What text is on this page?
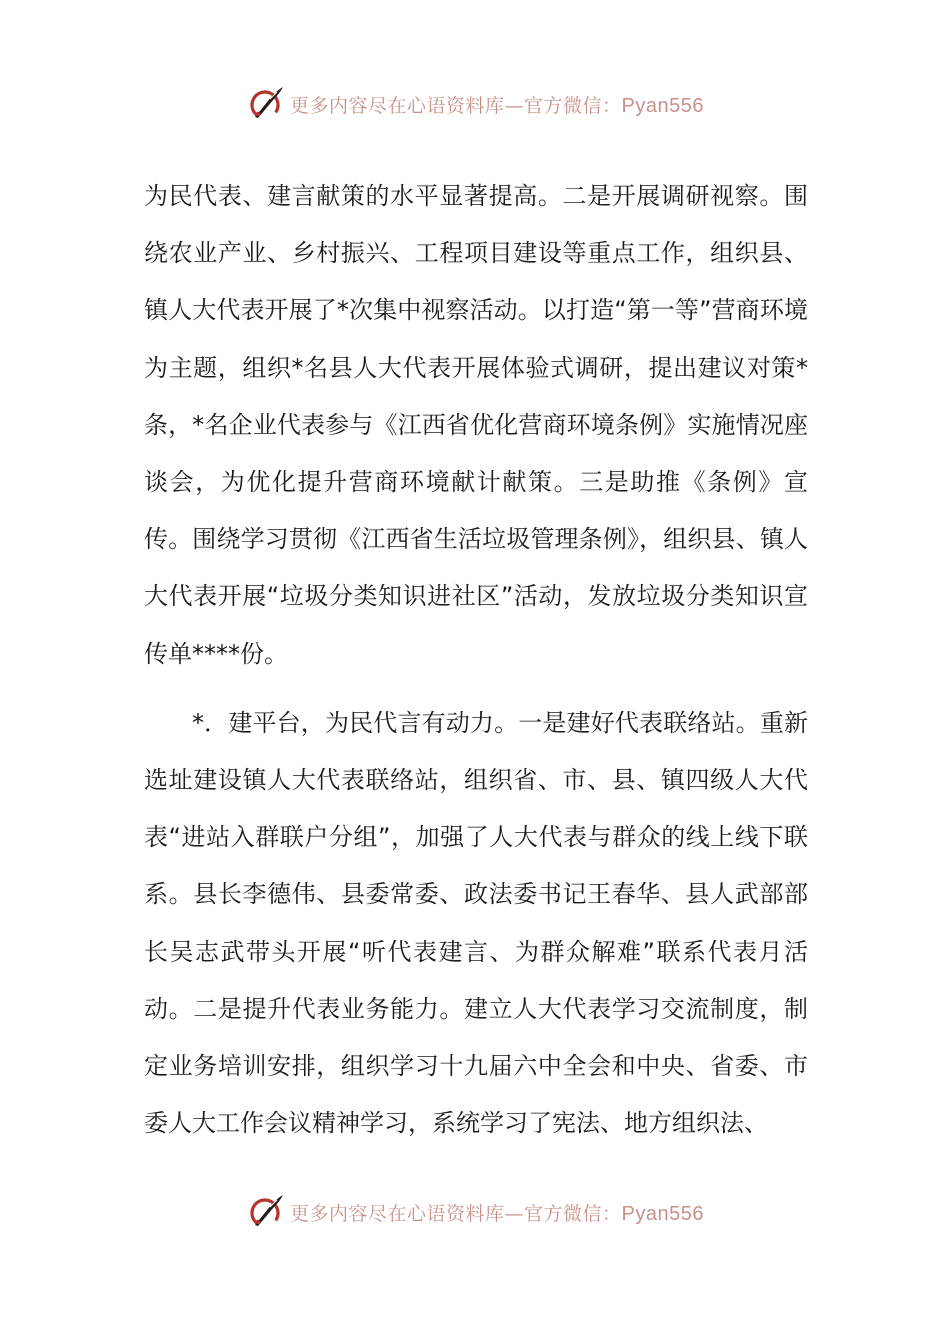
更多内容尽在心语资料库—官方微信：Pyan556

为民代表、建言献策的水平显著提高。二是开展调研视察。围绕农业产业、乡村振兴、工程项目建设等重点工作，组织县、镇人大代表开展了*次集中视察活动。以打造“第一等”营商环境为主题，组织*名县人大代表开展体验式调研，提出建议对策*条，*名企业代表参与《江西省优化营商环境条例》实施情况座谈会，为优化提升营商环境献计献策。三是助推《条例》宣传。围绕学习贯彻《江西省生活垃圾管理条例》，组织县、镇人大代表开展“垃圾分类知识进社区”活动，发放垃圾分类知识宣传单****份。

*．建平台，为民代言有动力。一是建好代表联络站。重新选址建设镇人大代表联络站，组织省、市、县、镇四级人大代表“进站入群联户分组”，加强了人大代表与群众的线上线下联系。县长李德伟、县委常委、政法委书记王春华、县人武部部长吴志武带头开展“听代表建言、为群众解难”联系代表月活动。二是提升代表业务能力。建立人大代表学习交流制度，制定业务培训安排，组织学习十九届六中全会和中央、省委、市委人大工作会议精神学习，系统学习了宪法、地方组织法、

更多内容尽在心语资料库—官方微信：Pyan556
